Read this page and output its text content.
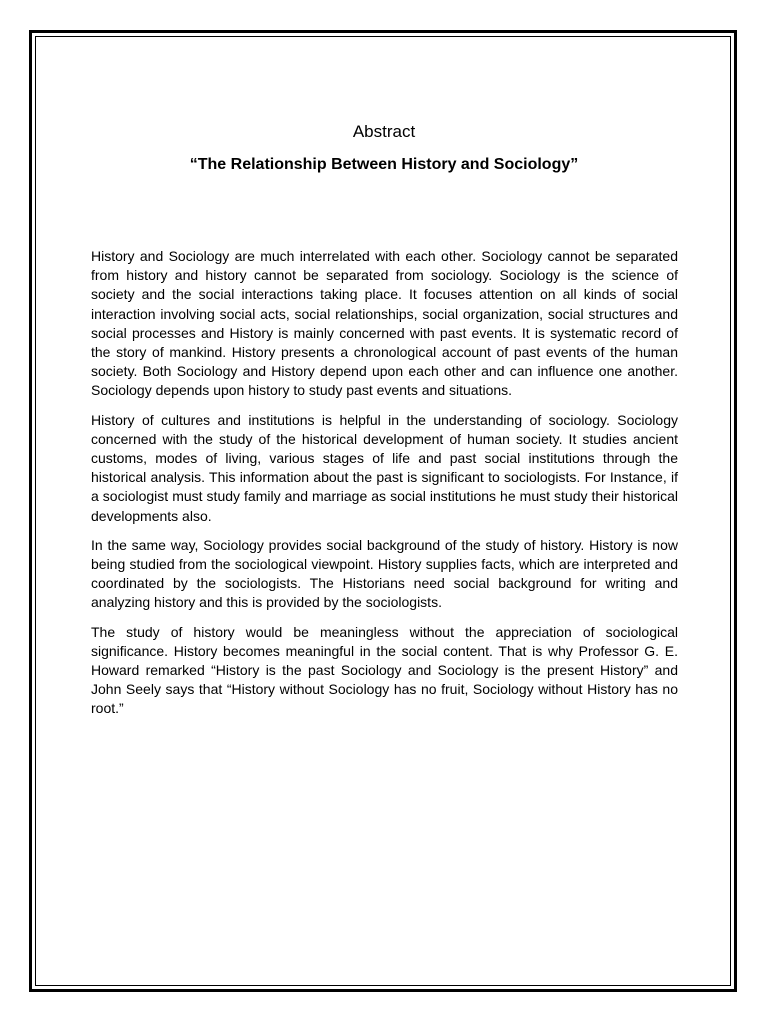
Abstract
“The Relationship Between History and Sociology”

History and Sociology are much interrelated with each other. Sociology cannot be separated from history and history cannot be separated from sociology. Sociology is the science of society and the social interactions taking place. It focuses attention on all kinds of social interaction involving social acts, social relationships, social organization, social structures and social processes and History is mainly concerned with past events. It is systematic record of the story of mankind. History presents a chronological account of past events of the human society. Both Sociology and History depend upon each other and can influence one another. Sociology depends upon history to study past events and situations.

History of cultures and institutions is helpful in the understanding of sociology. Sociology concerned with the study of the historical development of human society. It studies ancient customs, modes of living, various stages of life and past social institutions through the historical analysis. This information about the past is significant to sociologists. For Instance, if a sociologist must study family and marriage as social institutions he must study their historical developments also.

In the same way, Sociology provides social background of the study of history. History is now being studied from the sociological viewpoint. History supplies facts, which are interpreted and coordinated by the sociologists. The Historians need social background for writing and analyzing history and this is provided by the sociologists.

The study of history would be meaningless without the appreciation of sociological significance. History becomes meaningful in the social content. That is why Professor G. E. Howard remarked “History is the past Sociology and Sociology is the present History” and John Seely says that “History without Sociology has no fruit, Sociology without History has no root.”
